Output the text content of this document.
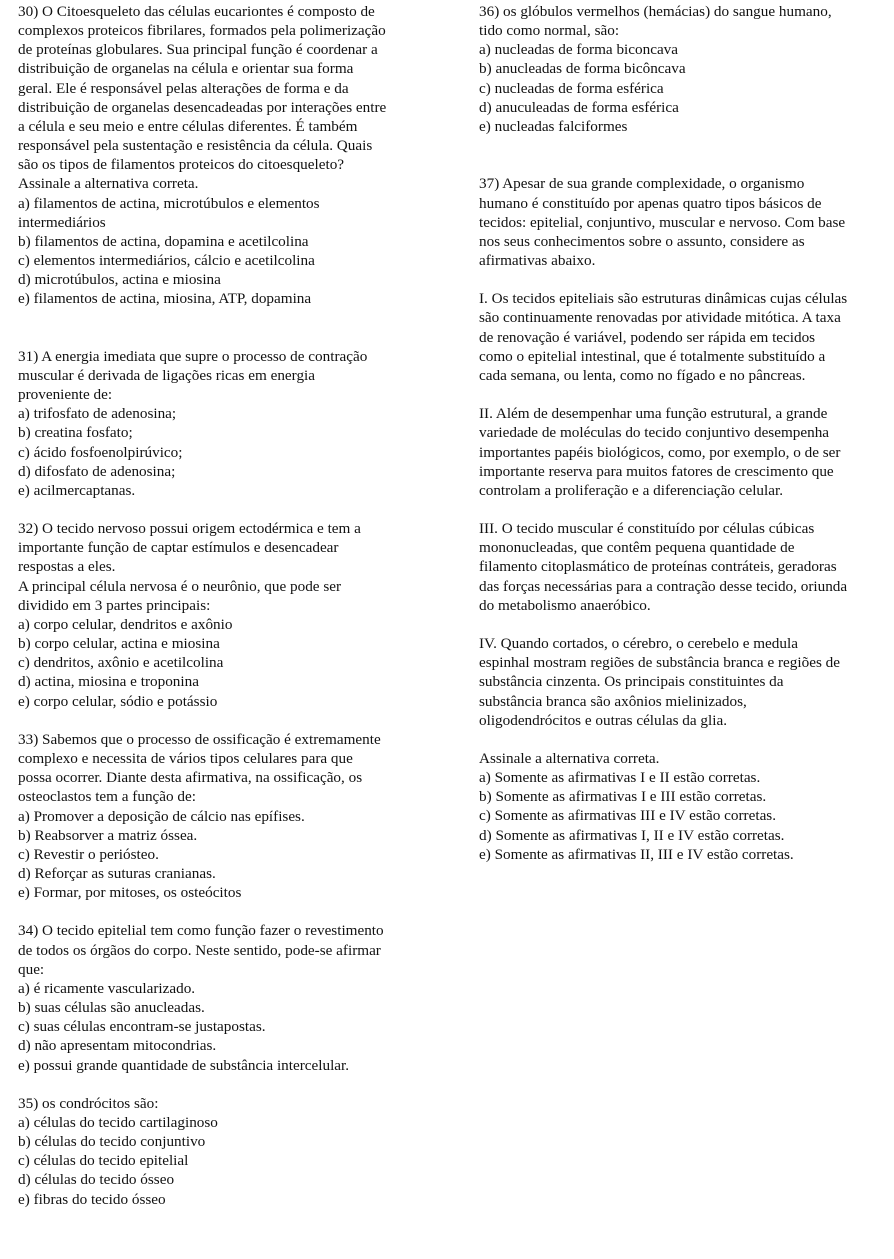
30) O Citoesqueleto das células eucariontes é composto de
complexos proteicos fibrilares, formados pela polimerização
de proteínas globulares. Sua principal função é coordenar a
distribuição de organelas na célula e orientar sua forma
geral. Ele é responsável pelas alterações de forma e da
distribuição de organelas desencadeadas por interações entre
a célula e seu meio e entre células diferentes. É também
responsável pela sustentação e resistência da célula. Quais
são os tipos de filamentos proteicos do citoesqueleto?
Assinale a alternativa correta.
a) filamentos de actina, microtúbulos e elementos
intermediários
b) filamentos de actina, dopamina e acetilcolina
c) elementos intermediários, cálcio e acetilcolina
d) microtúbulos, actina e miosina
e) filamentos de actina, miosina, ATP, dopamina
31) A energia imediata que supre o processo de contração
muscular é derivada de ligações ricas em energia
proveniente de:
a) trifosfato de adenosina;
b) creatina fosfato;
c) ácido fosfoenolpirúvico;
d) difosfato de adenosina;
e) acilmercaptanas.
32) O tecido nervoso possui origem ectodérmica e tem a
importante função de captar estímulos e desencadear
respostas a eles.
A principal célula nervosa é o neurônio, que pode ser
dividido em 3 partes principais:
a) corpo celular, dendritos e axônio
b) corpo celular, actina e miosina
c) dendritos, axônio e acetilcolina
d) actina, miosina e troponina
e) corpo celular, sódio e potássio
33) Sabemos que o processo de ossificação é extremamente
complexo e necessita de vários tipos celulares para que
possa ocorrer. Diante desta afirmativa, na ossificação, os
osteoclastos tem a função de:
a) Promover a deposição de cálcio nas epífises.
b) Reabsorver a matriz óssea.
c) Revestir o periósteo.
d) Reforçar as suturas cranianas.
e) Formar, por mitoses, os osteócitos
34) O tecido epitelial tem como função fazer o revestimento
de todos os órgãos do corpo. Neste sentido, pode-se afirmar
que:
a) é ricamente vascularizado.
b) suas células são anucleadas.
c) suas células encontram-se justapostas.
d) não apresentam mitocondrias.
e) possui grande quantidade de substância intercelular.
35) os condrócitos são:
a) células do tecido cartilaginoso
b) células do tecido conjuntivo
c) células do tecido epitelial
d) células do tecido ósseo
e) fibras do tecido ósseo
36) os glóbulos vermelhos (hemácias) do sangue humano,
tido como normal, são:
a) nucleadas de forma biconcava
b) anucleadas de forma bicôncava
c) nucleadas de forma esférica
d) anuculeadas de forma esférica
e) nucleadas falciformes
37) Apesar de sua grande complexidade, o organismo
humano é constituído por apenas quatro tipos básicos de
tecidos: epitelial, conjuntivo, muscular e nervoso. Com base
nos seus conhecimentos sobre o assunto, considere as
afirmativas abaixo.
I. Os tecidos epiteliais são estruturas dinâmicas cujas células
são continuamente renovadas por atividade mitótica. A taxa
de renovação é variável, podendo ser rápida em tecidos
como o epitelial intestinal, que é totalmente substituído a
cada semana, ou lenta, como no fígado e no pâncreas.
II. Além de desempenhar uma função estrutural, a grande
variedade de moléculas do tecido conjuntivo desempenha
importantes papéis biológicos, como, por exemplo, o de ser
importante reserva para muitos fatores de crescimento que
controlam a proliferação e a diferenciação celular.
III. O tecido muscular é constituído por células cúbicas
mononucleadas, que contêm pequena quantidade de
filamento citoplasmático de proteínas contráteis, geradoras
das forças necessárias para a contração desse tecido, oriunda
do metabolismo anaeróbico.
IV. Quando cortados, o cérebro, o cerebelo e medula
espinhal mostram regiões de substância branca e regiões de
substância cinzenta. Os principais constituintes da
substância branca são axônios mielinizados,
oligodendrócitos e outras células da glia.
Assinale a alternativa correta.
a) Somente as afirmativas I e II estão corretas.
b) Somente as afirmativas I e III estão corretas.
c) Somente as afirmativas III e IV estão corretas.
d) Somente as afirmativas I, II e IV estão corretas.
e) Somente as afirmativas II, III e IV estão corretas.
